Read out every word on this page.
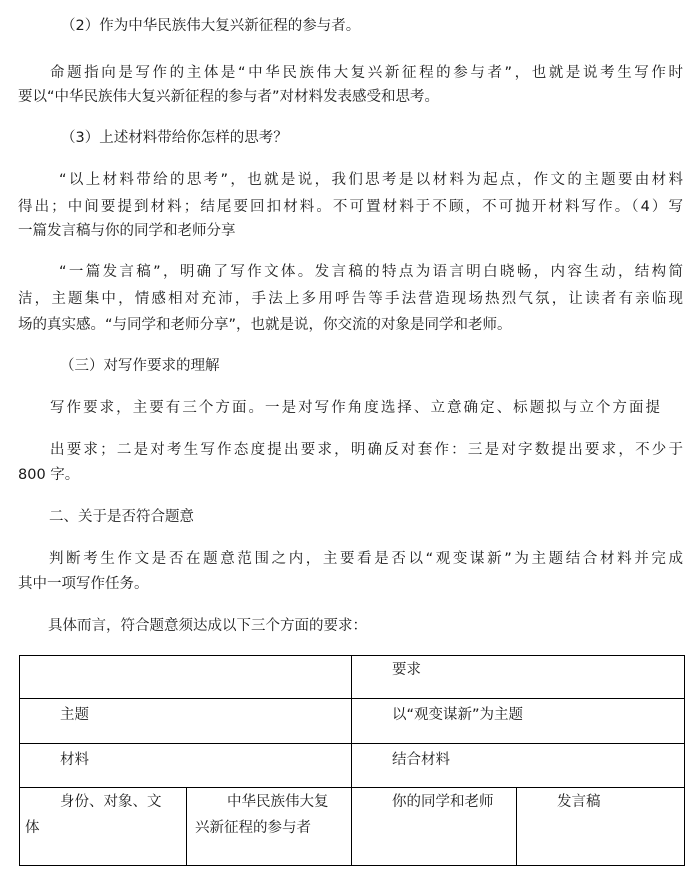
（2）作为中华民族伟大复兴新征程的参与者。

命题指向是写作的主体是“中华民族伟大复兴新征程的参与者”，也就是说考生写作时

要以“中华民族伟大复兴新征程的参与者”对材料发表感受和思考。

（3）上述材料带给你怎样的思考？

“以上材料带给的思考”，也就是说，我们思考是以材料为起点，作文的主题要由材料

得出；中间要提到材料；结尾要回扣材料。不可置材料于不顾，不可抛开材料写作。（4）写

一篇发言稿与你的同学和老师分享

“一篇发言稿”，明确了写作文体。发言稿的特点为语言明白晓畅，内容生动，结构简

洁，主题集中，情感相对充沛，手法上多用呼告等手法营造现场热烈气氛，让读者有亲临现

场的真实感。“与同学和老师分享”，也就是说，你交流的对象是同学和老师。

（三）对写作要求的理解

写作要求，主要有三个方面。一是对写作角度选择、立意确定、标题拟与立个方面提

出要求；二是对考生写作态度提出要求，明确反对套作：三是对字数提出要求，不少于

800 字。

二、关于是否符合题意

判断考生作文是否在题意范围之内，主要看是否以“观变谋新”为主题结合材料并完成

其中一项写作任务。

具体而言，符合题意须达成以下三个方面的要求：

		要求	

主题		以“观变谋新”为主题	

材料		结合材料	

身份、对象、文
体	中华民族伟大复
兴新征程的参与者	你的同学和老师	发言稿
